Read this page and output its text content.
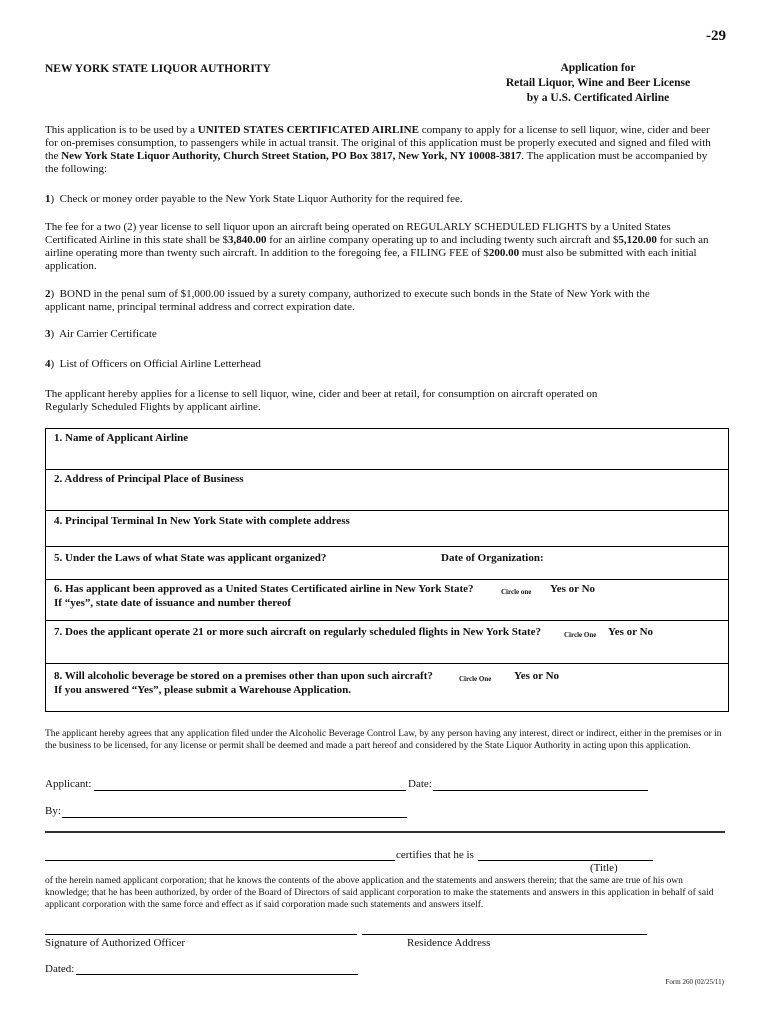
-29
NEW YORK STATE LIQUOR AUTHORITY	Application for
Retail Liquor, Wine and Beer License
by a U.S. Certificated Airline
This application is to be used by a UNITED STATES CERTIFICATED AIRLINE company to apply for a license to sell liquor, wine, cider and beer for on-premises consumption, to passengers while in actual transit. The original of this application must be properly executed and signed and filed with the New York State Liquor Authority, Church Street Station, PO Box 3817, New York, NY 10008-3817. The application must be accompanied by the following:
1)  Check or money order payable to the New York State Liquor Authority for the required fee.
The fee for a two (2) year license to sell liquor upon an aircraft being operated on REGULARLY SCHEDULED FLIGHTS by a United States Certificated Airline in this state shall be $3,840.00 for an airline company operating up to and including twenty such aircraft and $5,120.00 for such an airline operating more than twenty such aircraft. In addition to the foregoing fee, a FILING FEE of $200.00 must also be submitted with each initial application.
2)  BOND in the penal sum of $1,000.00 issued by a surety company, authorized to execute such bonds in the State of New York with the applicant name, principal terminal address and correct expiration date.
3)  Air Carrier Certificate
4)  List of Officers on Official Airline Letterhead
The applicant hereby applies for a license to sell liquor, wine, cider and beer at retail, for consumption on aircraft operated on Regularly Scheduled Flights by applicant airline.
1. Name of Applicant Airline
2. Address of Principal Place of Business
4. Principal Terminal In New York State with complete address
5. Under the Laws of what State was applicant organized?	Date of Organization:
6. Has applicant been approved as a United States Certificated airline in New York State?	Circle one Yes or No
If “yes”, state date of issuance and number thereof
7. Does the applicant operate 21 or more such aircraft on regularly scheduled flights in New York State?	Circle One Yes or No
8. Will alcoholic beverage be stored on a premises other than upon such aircraft?	Circle One Yes or No
If you answered “Yes”, please submit a Warehouse Application.
The applicant hereby agrees that any application filed under the Alcoholic Beverage Control Law, by any person having any interest, direct or indirect, either in the premises or in the business to be licensed, for any license or permit shall be deemed and made a part hereof and considered by the State Liquor Authority in acting upon this application.
Applicant:	Date:
By:
certifies that he is
(Title)
of the herein named applicant corporation; that he knows the contents of the above application and the statements and answers therein; that the same are true of his own knowledge; that he has been authorized, by order of the Board of Directors of said applicant corporation to make the statements and answers in this application in behalf of said applicant corporation with the same force and effect as if said corporation made such statements and answers itself.
Signature of Authorized Officer	Residence Address
Dated:
Form 260 (02/25/11)
